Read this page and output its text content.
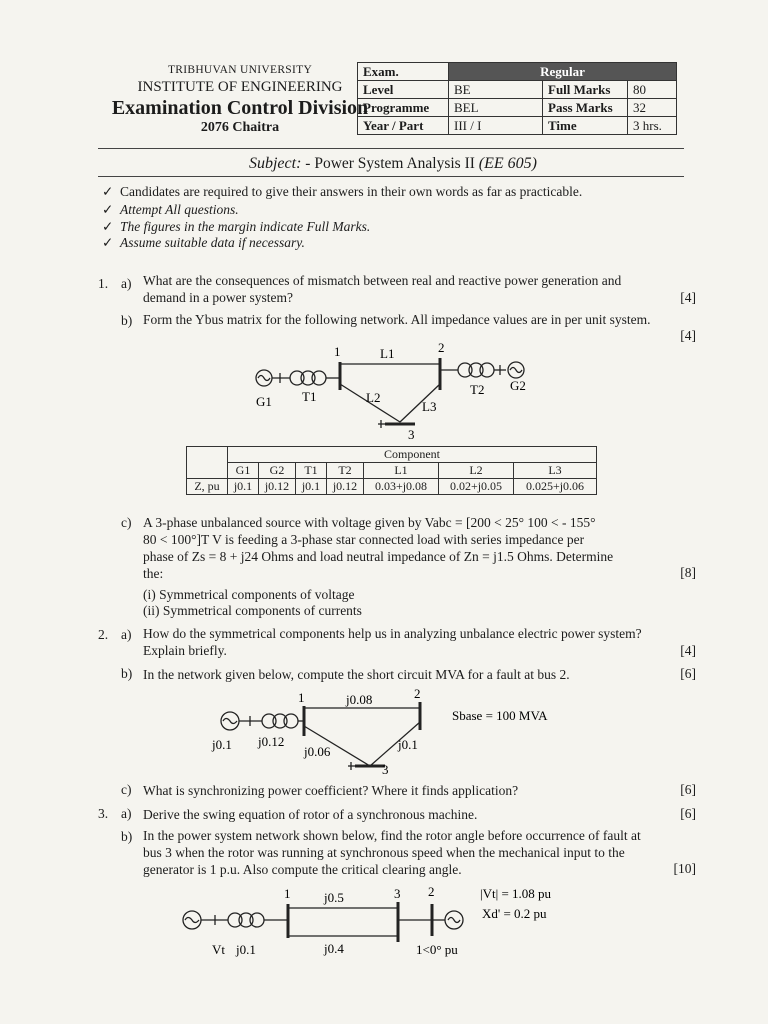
TRIBHUVAN UNIVERSITY
INSTITUTE OF ENGINEERING
Examination Control Division
2076 Chaitra
Exam.	Regular		
Level	BE	Full Marks	80
Programme	BEL	Pass Marks	32
Year / Part	III / I	Time	3 hrs.
Subject: - Power System Analysis II (EE 605)
✓ Candidates are required to give their answers in their own words as far as practicable.
✓ Attempt All questions.
✓ The figures in the margin indicate Full Marks.
✓ Assume suitable data if necessary.
1. a) What are the consequences of mismatch between real and reactive power generation and demand in a power system?	[4]
b) Form the Ybus matrix for the following network. All impedance values are in per unit system.
[4]
1	2
3
L1
L2
L3
G1 T1	T2 G2
	Component						
	G1	G2	T1	T2	L1	L2	L3
Z, pu	j0.1	j0.12	j0.1	j0.12	0.03+j0.08	0.02+j0.05	0.025+j0.06
c) A 3-phase unbalanced source with voltage given by Vabc = [200 < 25° 100 < - 155°
80 < 100°]T V is feeding a 3-phase star connected load with series impedance per
phase of Zs = 8 + j24 Ohms and load neutral impedance of Zn = j1.5 Ohms. Determine
the:	[8]
(i) Symmetrical components of voltage
(ii) Symmetrical components of currents
2. a) How do the symmetrical components help us in analyzing unbalance electric power system? Explain briefly.	[4]
b) In the network given below, compute the short circuit MVA for a fault at bus 2.	[6]
1	2
3
j0.08
j0.1 j0.12
j0.06	j0.1
Sbase = 100 MVA
c) What is synchronizing power coefficient? Where it finds application?	[6]
3. a) Derive the swing equation of rotor of a synchronous machine.	[6]
b) In the power system network shown below, find the rotor angle before occurrence of fault at bus 3 when the rotor was running at synchronous speed when the mechanical input to the generator is 1 p.u. Also compute the critical clearing angle.	[10]
1	3 2
j0.5
j0.4
Vt j0.1	1<0° pu
|Vt| = 1.08 pu
Xd' = 0.2 pu
